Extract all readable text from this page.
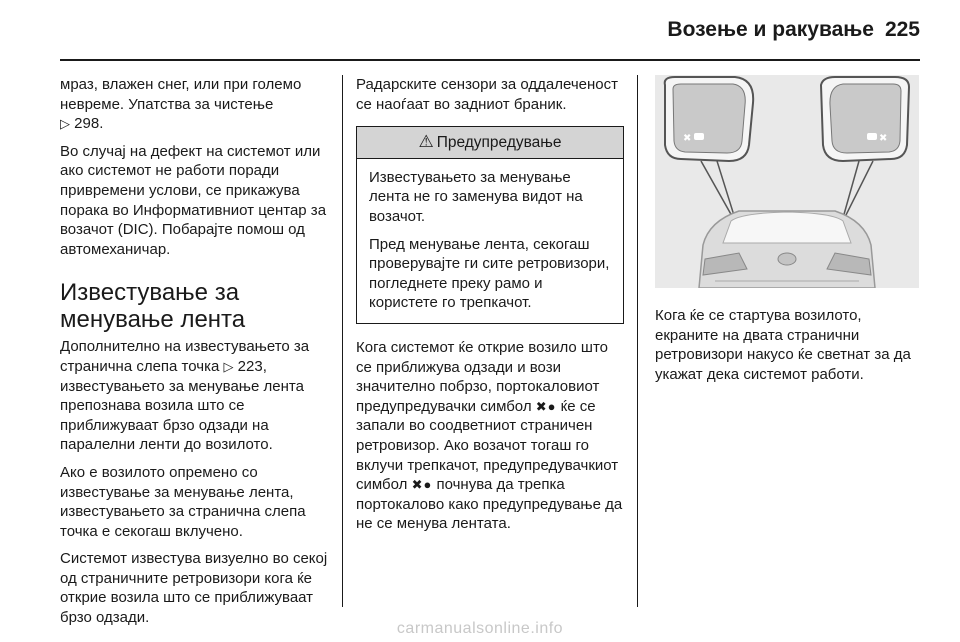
Возење и ракување 225

мраз, влажен снег, или при големо невреме. Упатства за чистење
▷ 298.

Во случај на дефект на системот или ако системот не работи поради привремени услови, се прикажува порака во Информативниот центар за возачот (DIC). Побарајте помош од автомеханичар.

Известување за менување лента

Дополнително на известувањето за странична слепа точка ▷ 223, известувањето за менување лента препознава возила што се приближуваат брзо одзади на паралелни ленти до возилото.

Ако е возилото опремено со известување за менување лента, известувањето за странична слепа точка е секогаш вклучено.

Системот известува визуелно во секој од страничните ретровизори кога ќе открие возила што се приближуваат брзо одзади.

Радарските сензори за оддалеченост се наоѓаат во задниот браник.

⚠ Предупредување

Известувањето за менување лента не го заменува видот на возачот.

Пред менување лента, секогаш проверувајте ги сите ретровизори, погледнете преку рамо и користете го трепкачот.

Кога системот ќе открие возило што се приближува одзади и вози значително побрзо, портокаловиот предупредувачки симбол ✖● ќе се запали во соодветниот страничен ретровизор. Ако возачот тогаш го вклучи трепкачот, предупредувачкиот симбол ✖● почнува да трепка портокалово како предупредување да не се менува лентата.

✖	✖

Кога ќе се стартува возилото, екраните на двата странични ретровизори накусо ќе светнат за да укажат дека системот работи.

carmanualsonline.info
